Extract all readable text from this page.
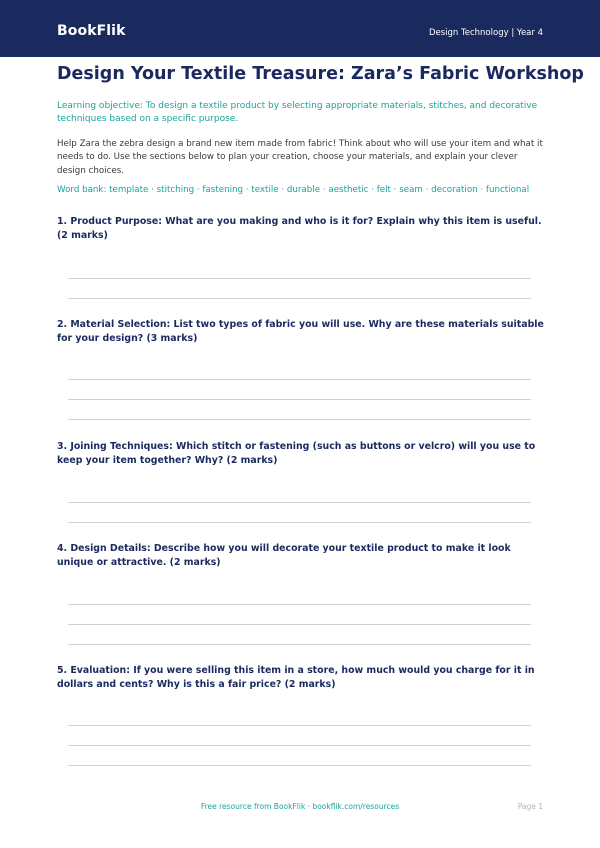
BookFlik	Design Technology | Year 4
Design Your Textile Treasure: Zara’s Fabric Workshop
Learning objective: To design a textile product by selecting appropriate materials, stitches, and decorative techniques based on a specific purpose.
Help Zara the zebra design a brand new item made from fabric! Think about who will use your item and what it needs to do. Use the sections below to plan your creation, choose your materials, and explain your clever design choices.
Word bank: template · stitching · fastening · textile · durable · aesthetic · felt · seam · decoration · functional
1. Product Purpose: What are you making and who is it for? Explain why this item is useful. (2 marks)
2. Material Selection: List two types of fabric you will use. Why are these materials suitable for your design? (3 marks)
3. Joining Techniques: Which stitch or fastening (such as buttons or velcro) will you use to keep your item together? Why? (2 marks)
4. Design Details: Describe how you will decorate your textile product to make it look unique or attractive. (2 marks)
5. Evaluation: If you were selling this item in a store, how much would you charge for it in dollars and cents? Why is this a fair price? (2 marks)
Free resource from BookFlik · bookflik.com/resources	Page 1
